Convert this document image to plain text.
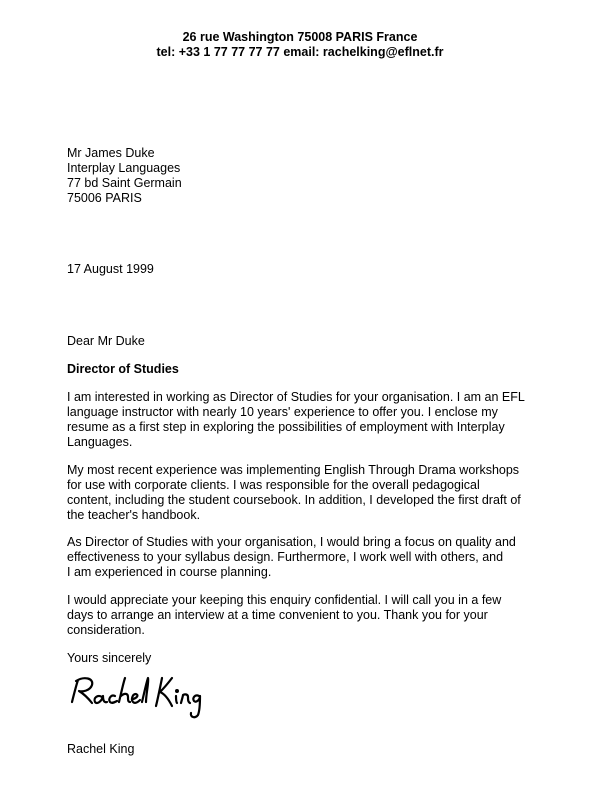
26 rue Washington 75008 PARIS France
tel: +33 1 77 77 77 77 email: rachelking@eflnet.fr
Mr James Duke
Interplay Languages
77 bd Saint Germain
75006 PARIS
17 August 1999
Dear Mr Duke
Director of Studies
I am interested in working as Director of Studies for your organisation. I am an EFL
language instructor with nearly 10 years' experience to offer you. I enclose my
resume as a first step in exploring the possibilities of employment with Interplay
Languages.
My most recent experience was implementing English Through Drama workshops
for use with corporate clients. I was responsible for the overall pedagogical
content, including the student coursebook. In addition, I developed the first draft of
the teacher's handbook.
As Director of Studies with your organisation, I would bring a focus on quality and
effectiveness to your syllabus design. Furthermore, I work well with others, and
I am experienced in course planning.
I would appreciate your keeping this enquiry confidential. I will call you in a few
days to arrange an interview at a time convenient to you. Thank you for your
consideration.
Yours sincerely
Rachel King
